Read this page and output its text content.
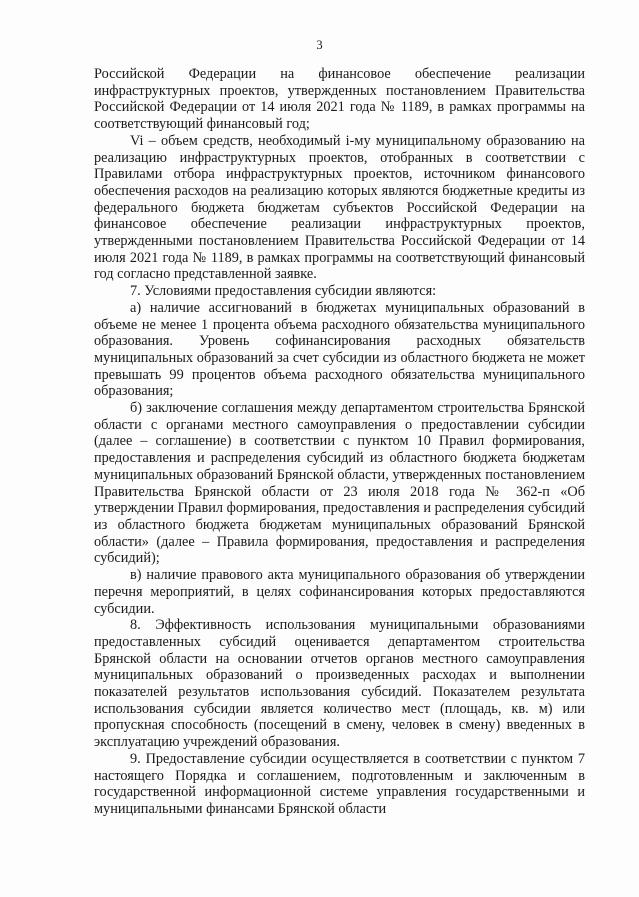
3

Российской Федерации на финансовое обеспечение реализации инфраструктурных проектов, утвержденных постановлением Правительства Российской Федерации от 14 июля 2021 года № 1189, в рамках программы на соответствующий финансовый год;

Vi – объем средств, необходимый i-му муниципальному образованию на реализацию инфраструктурных проектов, отобранных в соответствии с Правилами отбора инфраструктурных проектов, источником финансового обеспечения расходов на реализацию которых являются бюджетные кредиты из федерального бюджета бюджетам субъектов Российской Федерации на финансовое обеспечение реализации инфраструктурных проектов, утвержденными постановлением Правительства Российской Федерации от 14 июля 2021 года № 1189, в рамках программы на соответствующий финансовый год согласно представленной заявке.

7. Условиями предоставления субсидии являются:

а) наличие ассигнований в бюджетах муниципальных образований в объеме не менее 1 процента объема расходного обязательства муниципального образования. Уровень софинансирования расходных обязательств муниципальных образований за счет субсидии из областного бюджета не может превышать 99 процентов объема расходного обязательства муниципального образования;

б) заключение соглашения между департаментом строительства Брянской области с органами местного самоуправления о предоставлении субсидии (далее – соглашение) в соответствии с пунктом 10 Правил формирования, предоставления и распределения субсидий из областного бюджета бюджетам муниципальных образований Брянской области, утвержденных постановлением Правительства Брянской области от 23 июля 2018 года № 362-п «Об утверждении Правил формирования, предоставления и распределения субсидий из областного бюджета бюджетам муниципальных образований Брянской области» (далее – Правила формирования, предоставления и распределения субсидий);

в) наличие правового акта муниципального образования об утверждении перечня мероприятий, в целях софинансирования которых предоставляются субсидии.

8. Эффективность использования муниципальными образованиями предоставленных субсидий оценивается департаментом строительства Брянской области на основании отчетов органов местного самоуправления муниципальных образований о произведенных расходах и выполнении показателей результатов использования субсидий. Показателем результата использования субсидии является количество мест (площадь, кв. м) или пропускная способность (посещений в смену, человек в смену) введенных в эксплуатацию учреждений образования.

9. Предоставление субсидии осуществляется в соответствии с пунктом 7 настоящего Порядка и соглашением, подготовленным и заключенным в государственной информационной системе управления государственными и муниципальными финансами Брянской области
